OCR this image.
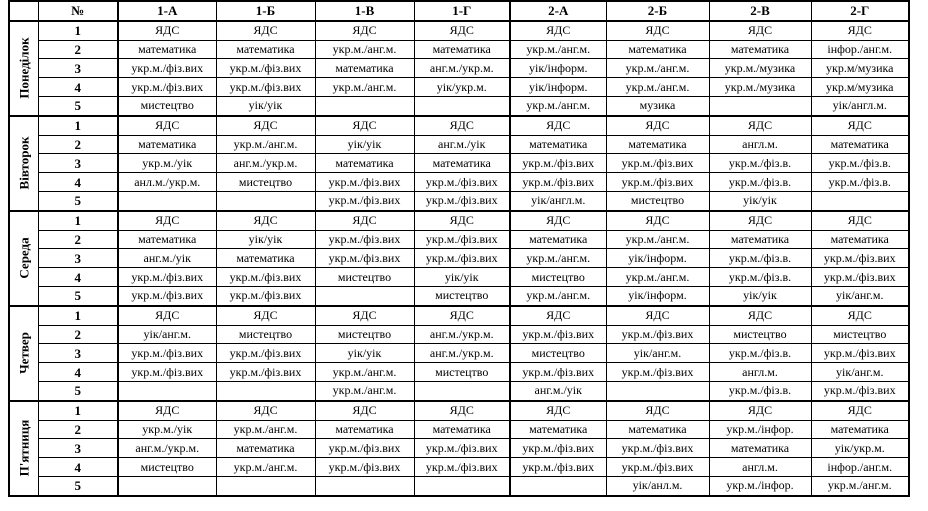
	№	1-А	1-Б	1-В	1-Г	2-А	2-Б	2-В	2-Г

Понеділок	1	ЯДС	ЯДС	ЯДС	ЯДС	ЯДС	ЯДС	ЯДС	ЯДС
	2	математика	математика	укр.м./анг.м.	математика	укр.м./анг.м.	математика	математика	інфор./анг.м.
	3	укр.м./фіз.вих	укр.м./фіз.вих	математика	анг.м./укр.м.	уік/інформ.	укр.м./анг.м.	укр.м./музика	укр.м/музика
	4	укр.м./фіз.вих	укр.м./фіз.вих	укр.м./анг.м.	уік/укр.м.	уік/інформ.	укр.м./анг.м.	укр.м./музика	укр.м/музика
	5	мистецтво	уік/уік			укр.м./анг.м.	музика		уік/англ.м.

Вівторок	1	ЯДС	ЯДС	ЯДС	ЯДС	ЯДС	ЯДС	ЯДС	ЯДС
	2	математика	укр.м./анг.м.	уік/уік	анг.м./уік	математика	математика	англ.м.	математика
	3	укр.м./уік	анг.м./укр.м.	математика	математика	укр.м./фіз.вих	укр.м./фіз.вих	укр.м./фіз.в.	укр.м./фіз.в.
	4	анл.м./укр.м.	мистецтво	укр.м./фіз.вих	укр.м./фіз.вих	укр.м./фіз.вих	укр.м./фіз.вих	укр.м./фіз.в.	укр.м./фіз.в.
	5			укр.м./фіз.вих	укр.м./фіз.вих	уік/англ.м.	мистецтво	уік/уік	

Середа	1	ЯДС	ЯДС	ЯДС	ЯДС	ЯДС	ЯДС	ЯДС	ЯДС
	2	математика	уік/уік	укр.м./фіз.вих	укр.м./фіз.вих	математика	укр.м./анг.м.	математика	математика
	3	анг.м./уік	математика	укр.м./фіз.вих	укр.м./фіз.вих	укр.м./анг.м.	уік/інформ.	укр.м./фіз.в.	укр.м./фіз.вих
	4	укр.м./фіз.вих	укр.м./фіз.вих	мистецтво	уік/уік	мистецтво	укр.м./анг.м.	укр.м./фіз.в.	укр.м./фіз.вих
	5	укр.м./фіз.вих	укр.м./фіз.вих		мистецтво	укр.м./анг.м.	уік/інформ.	уік/уік	уік/анг.м.

Четвер	1	ЯДС	ЯДС	ЯДС	ЯДС	ЯДС	ЯДС	ЯДС	ЯДС
	2	уік/анг.м.	мистецтво	мистецтво	анг.м./укр.м.	укр.м./фіз.вих	укр.м./фіз.вих	мистецтво	мистецтво
	3	укр.м./фіз.вих	укр.м./фіз.вих	уік/уік	анг.м./укр.м.	мистецтво	уік/анг.м.	укр.м./фіз.в.	укр.м./фіз.вих
	4	укр.м./фіз.вих	укр.м./фіз.вих	укр.м./анг.м.	мистецтво	укр.м./фіз.вих	укр.м./фіз.вих	англ.м.	уік/анг.м.
	5			укр.м./анг.м.		анг.м./уік		укр.м./фіз.в.	укр.м./фіз.вих

П'ятниця	1	ЯДС	ЯДС	ЯДС	ЯДС	ЯДС	ЯДС	ЯДС	ЯДС
	2	укр.м./уік	укр.м./анг.м.	математика	математика	математика	математика	укр.м./інфор.	математика
	3	анг.м./укр.м.	математика	укр.м./фіз.вих	укр.м./фіз.вих	укр.м./фіз.вих	укр.м./фіз.вих	математика	уік/укр.м.
	4	мистецтво	укр.м./анг.м.	укр.м./фіз.вих	укр.м./фіз.вих	укр.м./фіз.вих	укр.м./фіз.вих	англ.м.	інфор./анг.м.
	5						уік/анл.м.	укр.м./інфор.	укр.м./анг.м.
